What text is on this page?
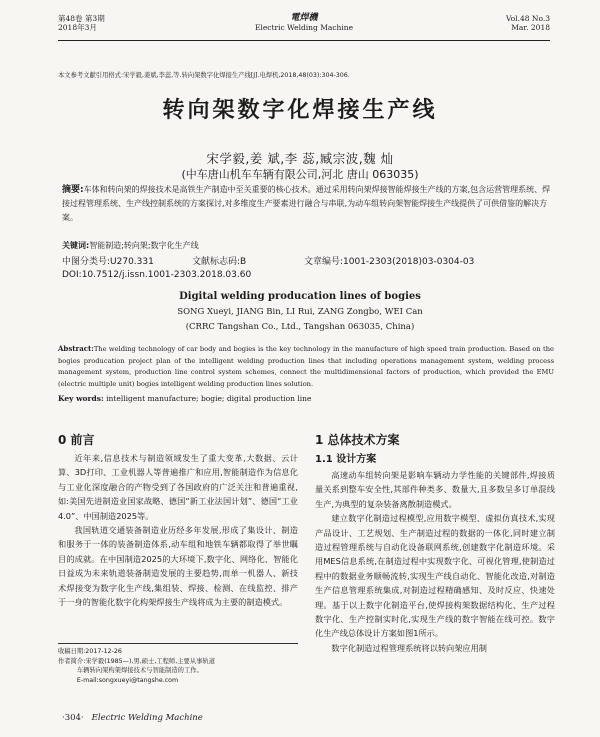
第48卷 第3期
2018年3月
電焊機
Electric Welding Machine
Vol.48 No.3
Mar. 2018
本文参考文献引用格式:宋学毅,姜斌,李蕊,等.转向架数字化焊接生产线[J].电焊机,2018,48(03):304-306.
转向架数字化焊接生产线
宋学毅,姜 斌,李 蕊,臧宗波,魏 灿
(中车唐山机车车辆有限公司,河北 唐山 063035)
摘要:车体和转向架的焊接技术是高铁生产制造中至关重要的核心技术。通过采用转向架焊接智能焊接生产线的方案,包含运营管理系统、焊接过程管理系统、生产线控制系统的方案探讨,对多维度生产要素进行融合与串联,为动车组转向架智能焊接生产线提供了可供借鉴的解决方案。
关键词:智能制造;转向架;数字化生产线
中图分类号:U270.331	文献标志码:B	文章编号:1001-2303(2018)03-0304-03
DOI:10.7512/j.issn.1001-2303.2018.03.60
Digital welding producation lines of bogies
SONG Xueyi, JIANG Bin, LI Rui, ZANG Zongbo, WEI Can
(CRRC Tangshan Co., Ltd., Tangshan 063035, China)
Abstract:The welding technology of car body and bogies is the key technology in the manufacture of high speed train production. Based on the bogies producation project plan of the intelligent welding production lines that including operations management system, welding process management system, production line control system schemes, connect the multidimensional factors of production, which provided the EMU (electric multiple unit) bogies intelligent welding production lines solution.
Key words: intelligent manufacture; bogie; digital production line
0 前言

近年来,信息技术与制造领域发生了重大变革,大数据、云计算、3D打印、工业机器人等普遍推广和应用,智能制造作为信息化与工业化深度融合的产物受到了各国政府的广泛关注和普遍重视,如:美国先进制造业国家战略、德国“新工业法国计划”、德国“工业4.0”、中国制造2025等。

我国轨道交通装备制造业历经多年发展,形成了集设计、制造和服务于一体的装备制造体系,动车组和地铁车辆都取得了举世瞩目的成就。在中国制造2025的大环境下,数字化、网络化、智能化日益成为未来轨道装备制造发展的主要趋势,而单一机器人、新技术焊接变为数字化生产线,集组装、焊接、检测、在线监控、排产于一身的智能化数字化构架焊接生产线将成为主要的制造模式。

收稿日期:2017-12-26
作者简介:宋学毅(1985—),男,硕士,工程师,主要从事轨道
车辆转向架构架焊接技术与智能制造的工作。
E-mail:songxueyi@tangshe.com
1 总体技术方案
1.1 设计方案

高速动车组转向架是影响车辆动力学性能的关键部件,焊接质量关系到整车安全性,其部件种类多、数量大,且多数呈多订单混线生产,为典型的复杂装备离散制造模式。

建立数字化制造过程模型,应用数字模型、虚拟仿真技术,实现产品设计、工艺规划、生产制造过程的数据的一体化,同时建立制造过程管理系统与自动化设备联网系统,创建数字化制造环境。采用MES信息系统,在制造过程中实现数字化、可视化管理,使制造过程中的数据业务顺畅流转,实现生产线自动化、智能化改造,对制造生产信息管理系统集成,对制造过程精确感知、及时反应、快速处理。基于以上数字化制造平台,使焊接构架数据结构化、生产过程数字化、生产控制实时化,实现生产线的数字智能在线可控。数字化生产线总体设计方案如图1所示。

数字化制造过程管理系统将以转向架应用制

·304· Electric Welding Machine
